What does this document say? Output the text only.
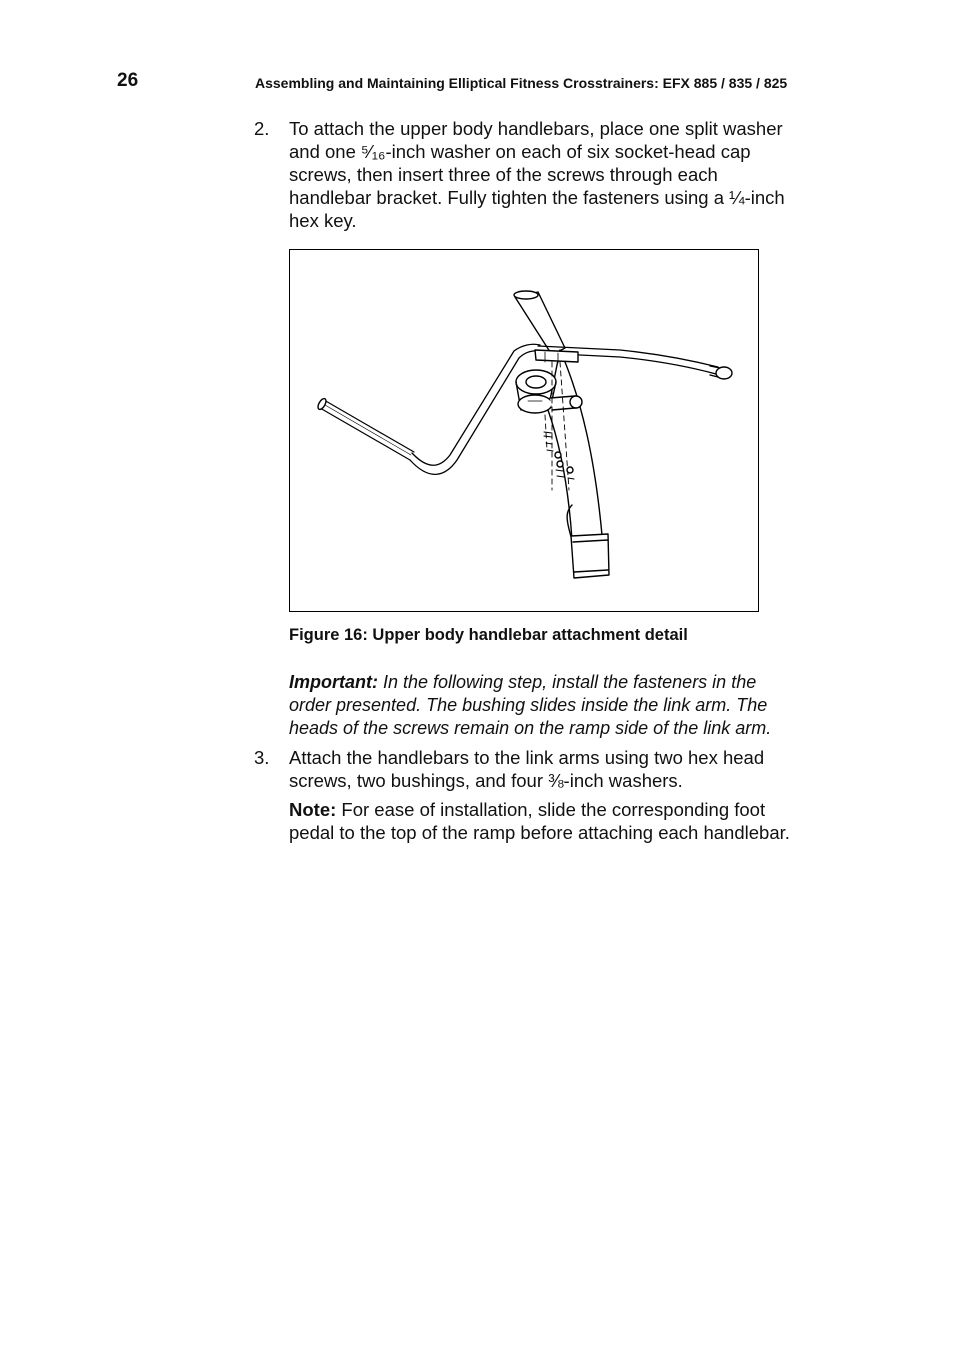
26	Assembling and Maintaining Elliptical Fitness Crosstrainers: EFX 885 / 835 / 825
2. To attach the upper body handlebars, place one split washer and one ⁵⁄₁₆-inch washer on each of six socket-head cap screws, then insert three of the screws through each handlebar bracket. Fully tighten the fasteners using a ¼-inch hex key.
Figure 16: Upper body handlebar attachment detail
Important: In the following step, install the fasteners in the order presented. The bushing slides inside the link arm. The heads of the screws remain on the ramp side of the link arm.
3. Attach the handlebars to the link arms using two hex head screws, two bushings, and four ⅜-inch washers.
Note: For ease of installation, slide the corresponding foot pedal to the top of the ramp before attaching each handlebar.
